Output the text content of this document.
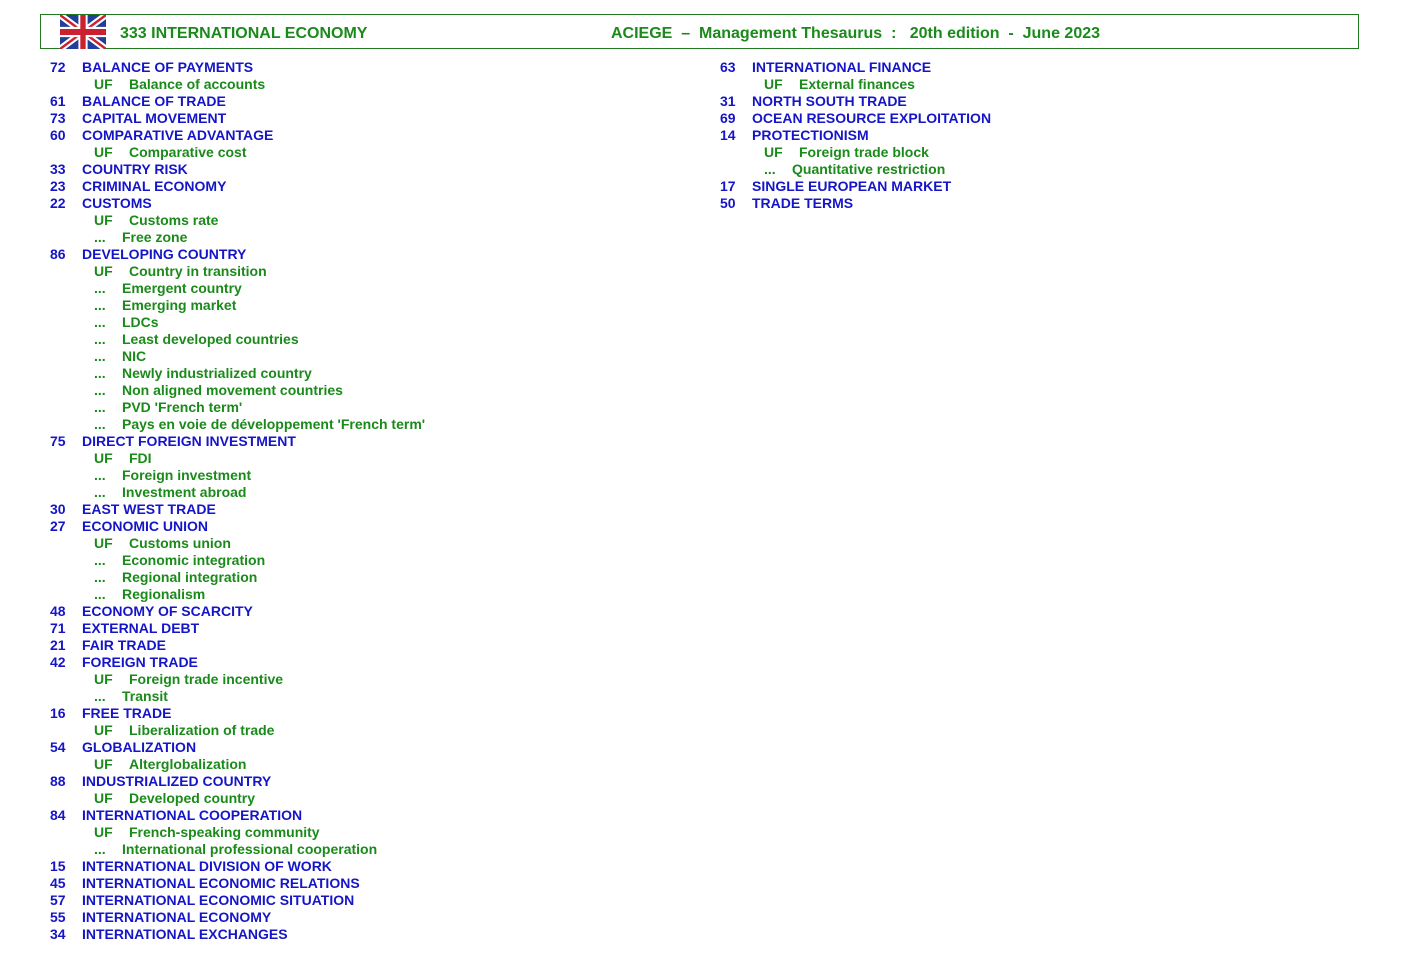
333 INTERNATIONAL ECONOMY	ACIEGE  –  Management Thesaurus  :   20th edition  -  June 2023
72 BALANCE OF PAYMENTS
UF Balance of accounts
61 BALANCE OF TRADE
73 CAPITAL MOVEMENT
60 COMPARATIVE ADVANTAGE
UF Comparative cost
33 COUNTRY RISK
23 CRIMINAL ECONOMY
22 CUSTOMS
UF Customs rate
... Free zone
86 DEVELOPING COUNTRY
UF Country in transition
... Emergent country
... Emerging market
... LDCs
... Least developed countries
... NIC
... Newly industrialized country
... Non aligned movement countries
... PVD 'French term'
... Pays en voie de développement 'French term'
75 DIRECT FOREIGN INVESTMENT
UF FDI
... Foreign investment
... Investment abroad
30 EAST WEST TRADE
27 ECONOMIC UNION
UF Customs union
... Economic integration
... Regional integration
... Regionalism
48 ECONOMY OF SCARCITY
71 EXTERNAL DEBT
21 FAIR TRADE
42 FOREIGN TRADE
UF Foreign trade incentive
... Transit
16 FREE TRADE
UF Liberalization of trade
54 GLOBALIZATION
UF Alterglobalization
88 INDUSTRIALIZED COUNTRY
UF Developed country
84 INTERNATIONAL COOPERATION
UF French-speaking community
... International professional cooperation
15 INTERNATIONAL DIVISION OF WORK
45 INTERNATIONAL ECONOMIC RELATIONS
57 INTERNATIONAL ECONOMIC SITUATION
55 INTERNATIONAL ECONOMY
34 INTERNATIONAL EXCHANGES
63 INTERNATIONAL FINANCE
UF External finances
31 NORTH SOUTH TRADE
69 OCEAN RESOURCE EXPLOITATION
14 PROTECTIONISM
UF Foreign trade block
... Quantitative restriction
17 SINGLE EUROPEAN MARKET
50 TRADE TERMS
